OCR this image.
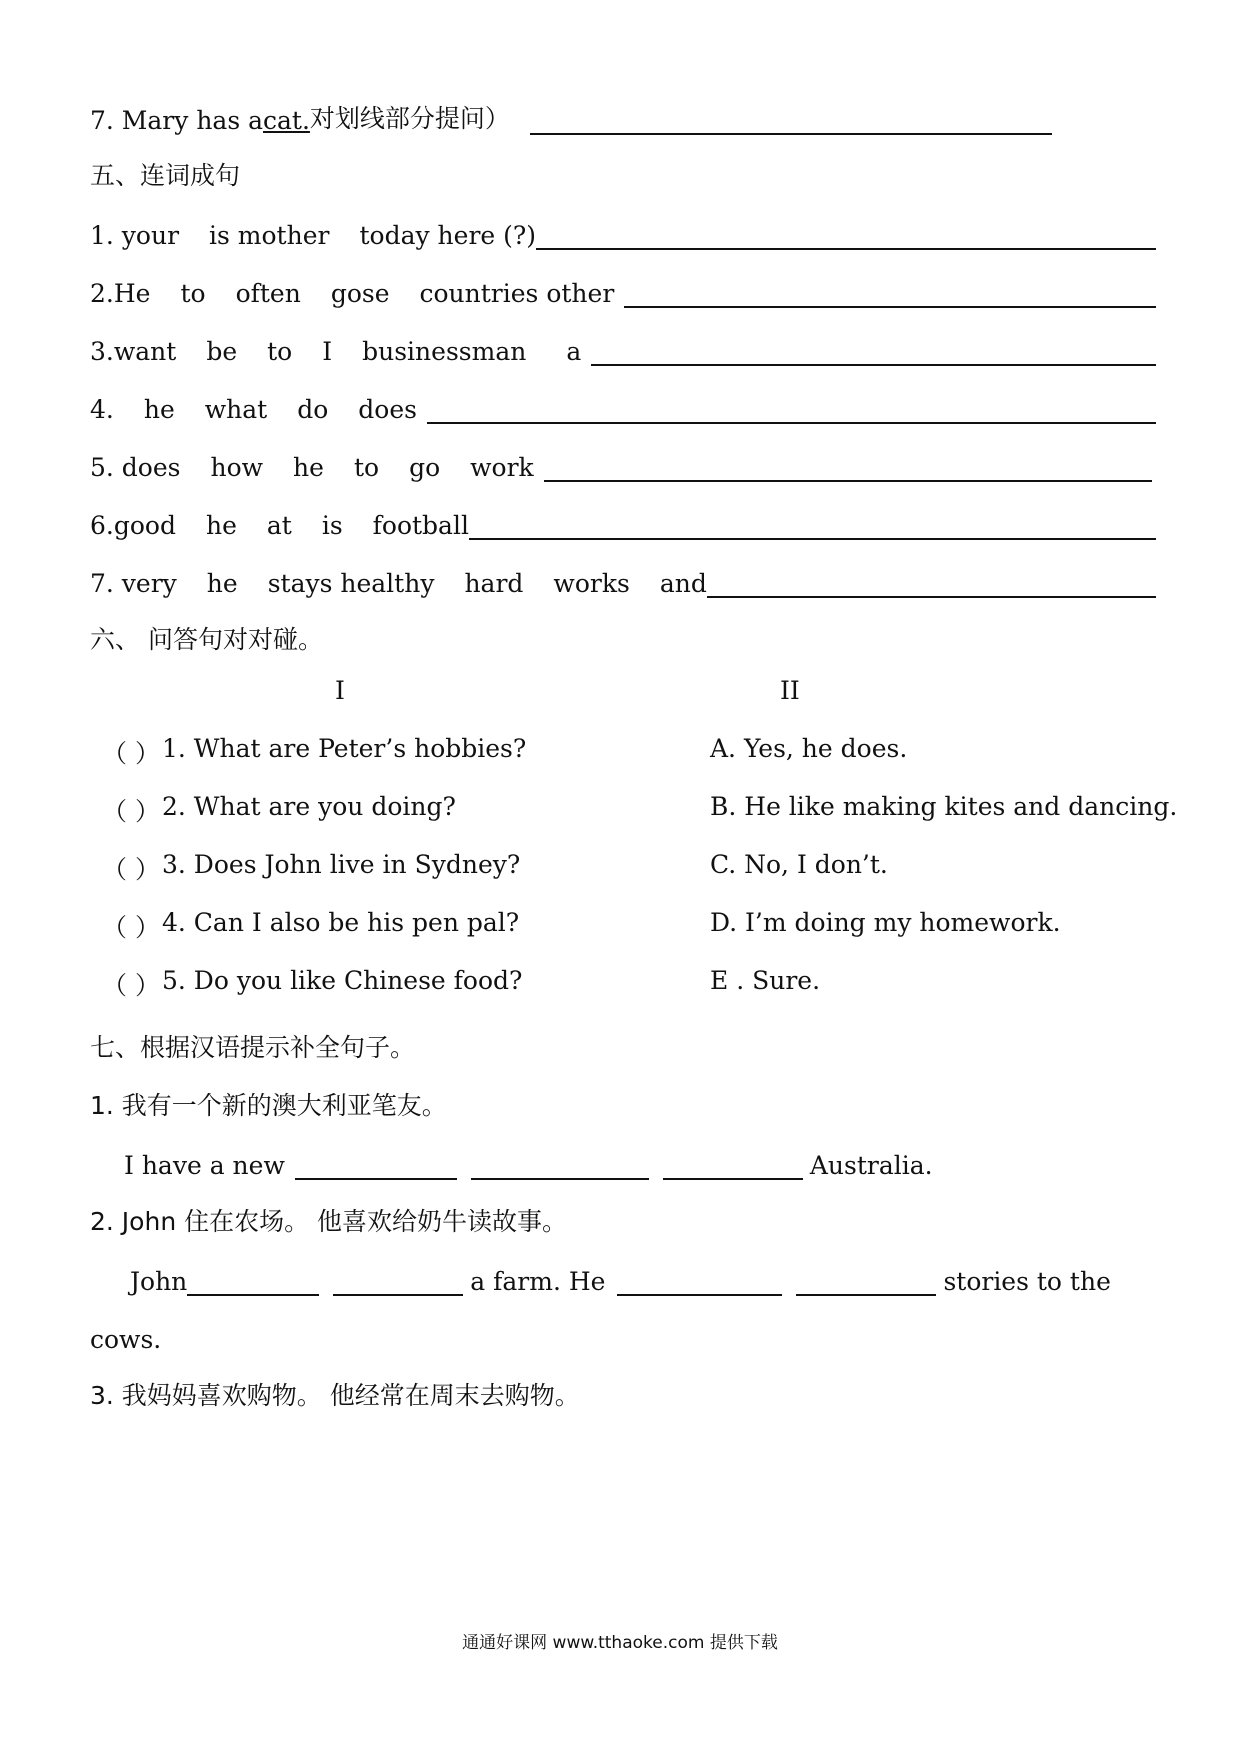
7. Mary has a cat. 对划线部分提问）
五、连词成句
1. your is mother today here (?)
2.He to often gose countries other
3.want be to I businessman a
4. he what do does
5. does how he to go work
6.good he at is football
7. very he stays healthy hard works and
六、 问答句对对碰。
I	II
（ ） 1. What are Peter’s hobbies?	A. Yes, he does.
（ ） 2. What are you doing?	B. He like making kites and dancing.
（ ） 3. Does John live in Sydney?	C. No, I don’t.
（ ） 4. Can I also be his pen pal?	D. I’m doing my homework.
（ ） 5. Do you like Chinese food?	E . Sure.
七、根据汉语提示补全句子。
1. 我有一个新的澳大利亚笔友。
I have a new	Australia.
2. John 住在农场。 他喜欢给奶牛读故事。
John	a farm. He	stories to the
cows.
3. 我妈妈喜欢购物。 他经常在周末去购物。
通通好课网 www.tthaoke.com 提供下载
